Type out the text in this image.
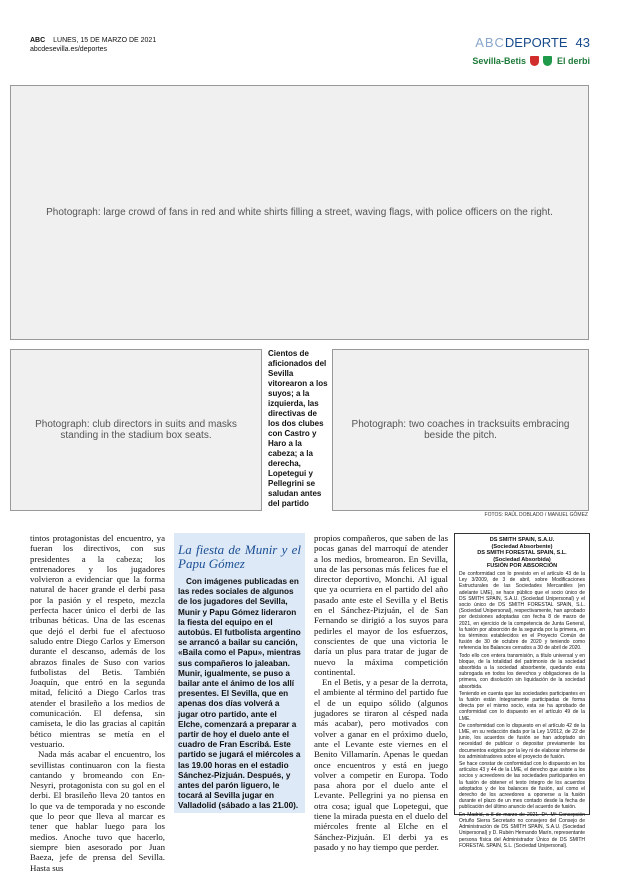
ABC LUNES, 15 DE MARZO DE 2021
abcdesevilla.es/deportes	ABCDEPORTE 43
Sevilla-Betis	El derbi
Photograph: large crowd of fans in red and white shirts filling a street, waving flags, with police officers on the right.
Photograph: club directors in suits and masks standing in the stadium box seats.
Photograph: two coaches in tracksuits embracing beside the pitch.
Cientos de aficionados del Sevilla vitorearon a los suyos; a la izquierda, las directivas de los dos clubes con Castro y Haro a la cabeza; a la derecha, Lopetegui y Pellegrini se saludan antes del partido
FOTOS: RAÚL DOBLADO / MANUEL GÓMEZ

tintos protagonistas del encuentro, ya fueran los directivos, con sus presidentes a la cabeza; los entrenadores y los jugadores volvieron a evidenciar que la forma natural de hacer grande el derbi pasa por la pasión y el respeto, mezcla perfecta hacer único el derbi de las tribunas béticas. Una de las escenas que dejó el derbi fue el afectuoso saludo entre Diego Carlos y Emerson durante el descanso, además de los abrazos finales de Suso con varios futbolistas del Betis. También Joaquín, que entró en la segunda mitad, felicitó a Diego Carlos tras atender el brasileño a los medios de comunicación. El defensa, sin camiseta, le dio las gracias al capitán bético mientras se metía en el vestuario.

Nada más acabar el encuentro, los sevillistas continuaron con la fiesta cantando y bromeando con En-Nesyri, protagonista con su gol en el derbi. El brasileño lleva 20 tantos en lo que va de temporada y no esconde que lo peor que lleva al marcar es tener que hablar luego para los medios. Anoche tuvo que hacerlo, siempre bien asesorado por Juan Baeza, jefe de prensa del Sevilla. Hasta sus

La fiesta de Munir y el Papu Gómez

Con imágenes publicadas en las redes sociales de algunos de los jugadores del Sevilla, Munir y Papu Gómez lideraron la fiesta del equipo en el autobús. El futbolista argentino se arrancó a bailar su canción, «Baila como el Papu», mientras sus compañeros lo jaleaban. Munir, igualmente, se puso a bailar ante el ánimo de los allí presentes. El Sevilla, que en apenas dos días volverá a jugar otro partido, ante el Elche, comenzará a preparar a partir de hoy el duelo ante el cuadro de Fran Escribá. Este partido se jugará el miércoles a las 19.00 horas en el estadio Sánchez-Pizjuán. Después, y antes del parón liguero, le tocará al Sevilla jugar en Valladolid (sábado a las 21.00).

propios compañeros, que saben de las pocas ganas del marroquí de atender a los medios, bromearon. En Sevilla, una de las personas más felices fue el director deportivo, Monchi. Al igual que ya ocurriera en el partido del año pasado ante este el Sevilla y el Betis en el Sánchez-Pizjuán, el de San Fernando se dirigió a los suyos para pedirles el mayor de los esfuerzos, conscientes de que una victoria le daría un plus para tratar de jugar de nuevo la máxima competición continental.

En el Betis, y a pesar de la derrota, el ambiente al término del partido fue el de un equipo sólido (algunos jugadores se tiraron al césped nada más acabar), pero motivados con volver a ganar en el próximo duelo, ante el Levante este viernes en el Benito Villamarín. Apenas le quedan once encuentros y está en juego volver a competir en Europa. Todo pasa ahora por el duelo ante el Levante. Pellegrini ya no piensa en otra cosa; igual que Lopetegui, que tiene la mirada puesta en el duelo del miércoles frente al Elche en el Sánchez-Pizjuán. El derbi ya es pasado y no hay tiempo que perder.

DS SMITH SPAIN, S.A.U.
(Sociedad Absorbente)
DS SMITH FORESTAL SPAIN, S.L.
(Sociedad Absorbida)
FUSIÓN POR ABSORCIÓN

De conformidad con lo previsto en el artículo 43 de la Ley 3/2009, de 3 de abril, sobre Modificaciones Estructurales de las Sociedades Mercantiles (en adelante LME), se hace público que el socio único de DS SMITH SPAIN, S.A.U. (Sociedad Unipersonal) y el socio único de DS SMITH FORESTAL SPAIN, S.L. (Sociedad Unipersonal), respectivamente, han aprobado por decisiones adoptadas con fecha 8 de marzo de 2021, en ejercicio de la competencia de Junta General, la fusión por absorción de la segunda por la primera, en los términos establecidos en el Proyecto Común de fusión de 30 de octubre de 2020 y teniendo como referencia los Balances cerrados a 30 de abril de 2020.

Todo ello con entera transmisión, a título universal y en bloque, de la totalidad del patrimonio de la sociedad absorbida a la sociedad absorbente, quedando esta subrogada en todos los derechos y obligaciones de la primera, con disolución sin liquidación de la sociedad absorbida.

Teniendo en cuenta que las sociedades participantes en la fusión están íntegramente participadas de forma directa por el mismo socio, esta se ha aprobado de conformidad con lo dispuesto en el artículo 49 de la LME.

De conformidad con lo dispuesto en el artículo 42 de la LME, en su redacción dada por la Ley 1/2012, de 22 de junio, los acuerdos de fusión se han adoptado sin necesidad de publicar o depositar previamente los documentos exigidos por la ley ni de elaborar informe de los administradores sobre el proyecto de fusión.

Se hace constar de conformidad con lo dispuesto en los artículos 43 y 44 de la LME, el derecho que asiste a los socios y acreedores de las sociedades participantes en la fusión de obtener el texto íntegro de los acuerdos adoptados y de los balances de fusión, así como el derecho de los acreedores a oponerse a la fusión durante el plazo de un mes contado desde la fecha de publicación del último anuncio del acuerdo de fusión.

En Madrid, a 8 de marzo de 2021. Dª. Mª Concepción Ortuño Sierra Secretario no consejero del Consejo de Administración de DS SMITH SPAIN, S.A.U. (Sociedad Unipersonal) y D. Rubén Hernando Marín, representante persona física del Administrador Único de DS SMITH FORESTAL SPAIN, S.L. (Sociedad Unipersonal).
